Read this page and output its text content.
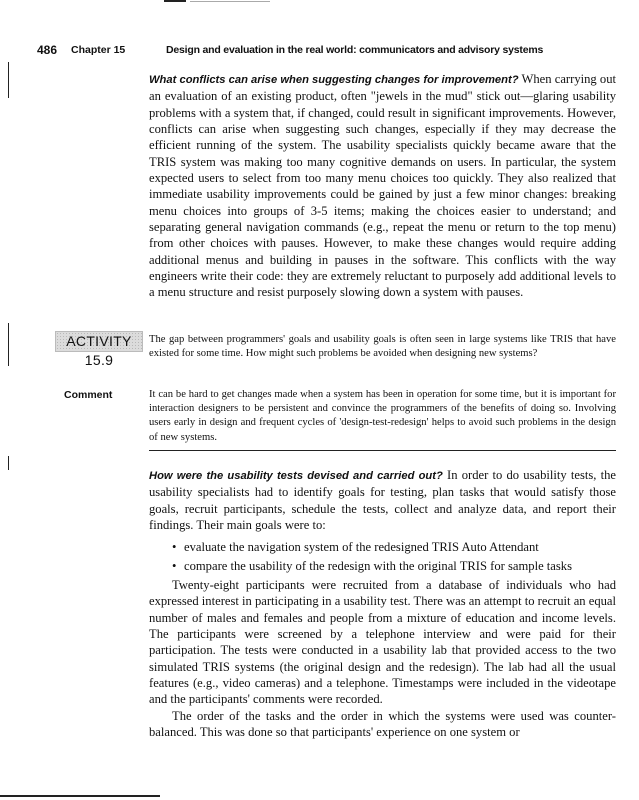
486 Chapter 15	Design and evaluation in the real world: communicators and advisory systems

What conflicts can arise when suggesting changes for improvement? When carrying out an evaluation of an existing product, often "jewels in the mud" stick out—glaring usability problems with a system that, if changed, could result in significant improvements. However, conflicts can arise when suggesting such changes, especially if they may decrease the efficient running of the system. The usability specialists quickly became aware that the TRIS system was making too many cognitive demands on users. In particular, the system expected users to select from too many menu choices too quickly. They also realized that immediate usability improvements could be gained by just a few minor changes: breaking menu choices into groups of 3-5 items; making the choices easier to understand; and separating general navigation commands (e.g., repeat the menu or return to the top menu) from other choices with pauses. However, to make these changes would require adding additional menus and building in pauses in the software. This conflicts with the way engineers write their code: they are extremely reluctant to purposely add additional levels to a menu structure and resist purposely slowing down a system with pauses.

ACTIVITY 15.9

The gap between programmers' goals and usability goals is often seen in large systems like TRIS that have existed for some time. How might such problems be avoided when designing new systems?

Comment	It can be hard to get changes made when a system has been in operation for some time, but it is important for interaction designers to be persistent and convince the programmers of the benefits of doing so. Involving users early in design and frequent cycles of 'design-test-redesign' helps to avoid such problems in the design of new systems.

How were the usability tests devised and carried out? In order to do usability tests, the usability specialists had to identify goals for testing, plan tasks that would satisfy those goals, recruit participants, schedule the tests, collect and analyze data, and report their findings. Their main goals were to:

• evaluate the navigation system of the redesigned TRIS Auto Attendant
• compare the usability of the redesign with the original TRIS for sample tasks

Twenty-eight participants were recruited from a database of individuals who had expressed interest in participating in a usability test. There was an attempt to recruit an equal number of males and females and people from a mixture of education and income levels. The participants were screened by a telephone interview and were paid for their participation. The tests were conducted in a usability lab that provided access to the two simulated TRIS systems (the original design and the redesign). The lab had all the usual features (e.g., video cameras) and a telephone. Timestamps were included in the videotape and the participants' comments were recorded.

The order of the tasks and the order in which the systems were used was counter-balanced. This was done so that participants' experience on one system or
